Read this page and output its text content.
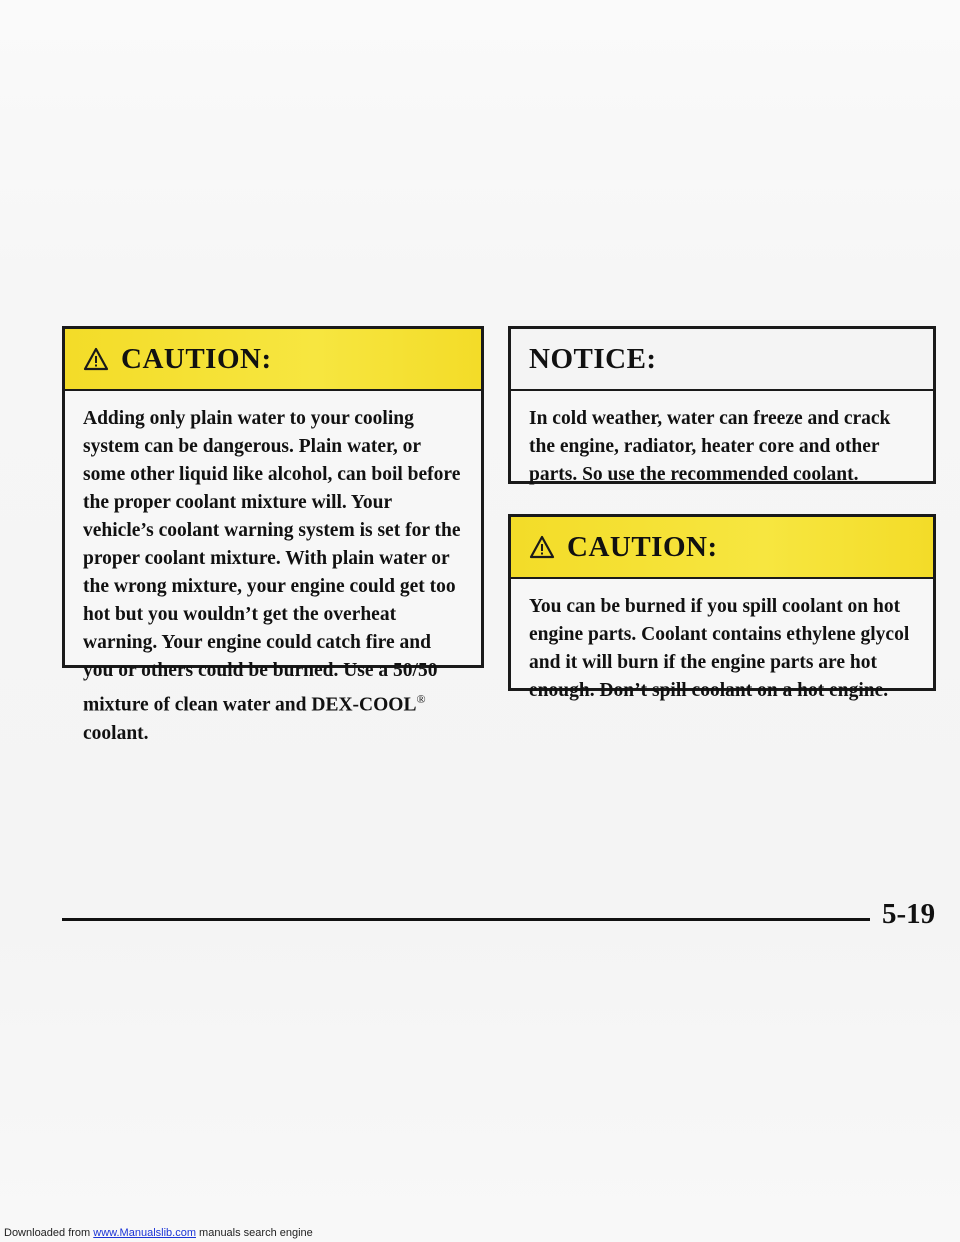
CAUTION:
Adding only plain water to your cooling system can be dangerous. Plain water, or some other liquid like alcohol, can boil before the proper coolant mixture will. Your vehicle’s coolant warning system is set for the proper coolant mixture. With plain water or the wrong mixture, your engine could get too hot but you wouldn’t get the overheat warning. Your engine could catch fire and you or others could be burned. Use a 50/50 mixture of clean water and DEX-COOL® coolant.
NOTICE:
In cold weather, water can freeze and crack the engine, radiator, heater core and other parts. So use the recommended coolant.
CAUTION:
You can be burned if you spill coolant on hot engine parts. Coolant contains ethylene glycol and it will burn if the engine parts are hot enough. Don’t spill coolant on a hot engine.
5-19
Downloaded from www.Manualslib.com manuals search engine
